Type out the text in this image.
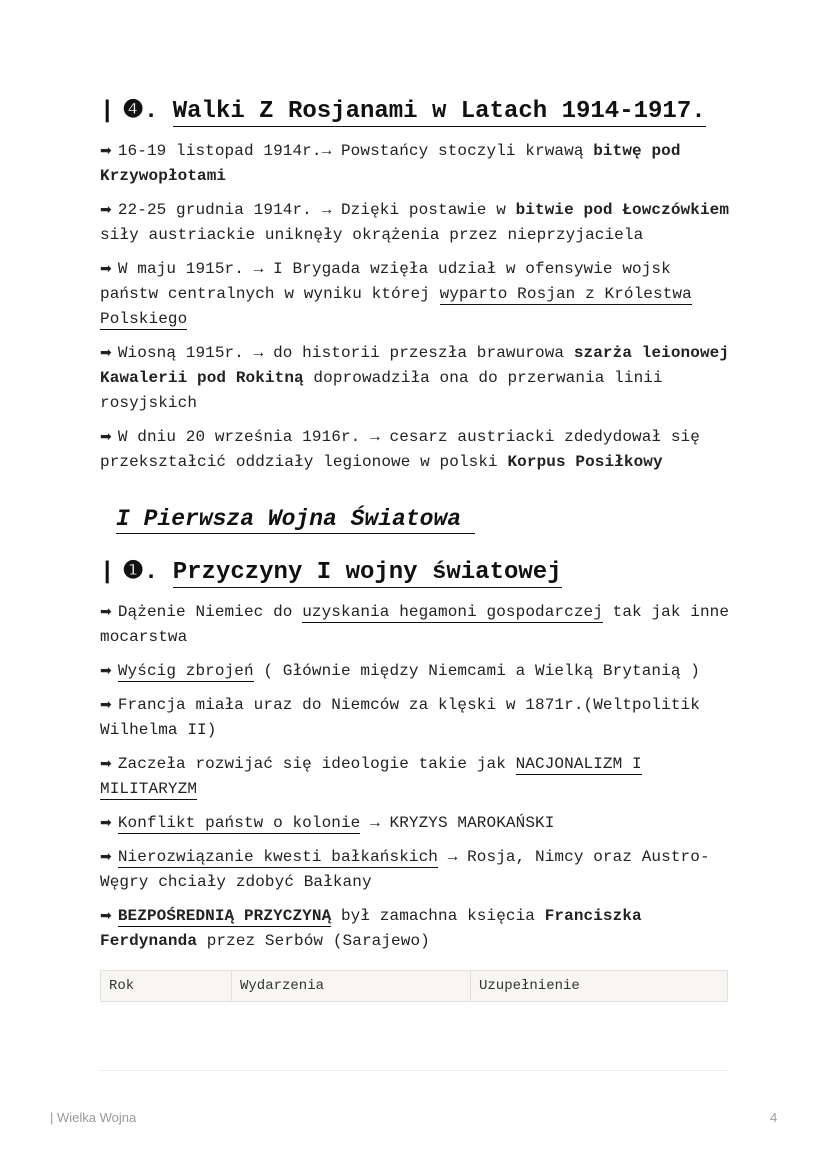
| ❹. Walki Z Rosjanami w Latach 1914-1917.
➡ 16-19 listopad 1914r.→ Powstańcy stoczyli krwawą bitwę pod Krzywopłotami
➡ 22-25 grudnia 1914r. → Dzięki postawie w bitwie pod Łowczówkiem siły austriackie uniknęły okrążenia przez nieprzyjaciela
➡ W maju 1915r. → I Brygada wzięła udział w ofensywie wojsk państw centralnych w wyniku której wyparto Rosjan z Królestwa Polskiego
➡ Wiosną 1915r. → do historii przeszła brawurowa szarża leionowej Kawalerii pod Rokitną doprowadziła ona do przerwania linii rosyjskich
➡ W dniu 20 września 1916r. → cesarz austriacki zdedydował się przekształcić oddziały legionowe w polski Korpus Posiłkowy
I Pierwsza Wojna Światowa
| ❶. Przyczyny I wojny światowej
➡ Dążenie Niemiec do uzyskania hegamoni gospodarczej tak jak inne mocarstwa
➡ Wyścig zbrojeń ( Głównie między Niemcami a Wielką Brytanią )
➡ Francja miała uraz do Niemców za klęski w 1871r.(Weltpolitik Wilhelma II)
➡ Zaczeła rozwijać się ideologie takie jak NACJONALIZM I MILITARYZM
➡ Konflikt państw o kolonie → KRYZYS MAROKAŃSKI
➡ Nierozwiązanie kwesti bałkańskich → Rosja, Nimcy oraz Austro-Węgry chciały zdobyć Bałkany
➡ BEZPOŚREDNIĄ PRZYCZYNĄ był zamachna księcia Franciszka Ferdynanda przez Serbów (Sarajewo)
Rok	Wydarzenia	Uzupełnienie
| Wielka Wojna	4
